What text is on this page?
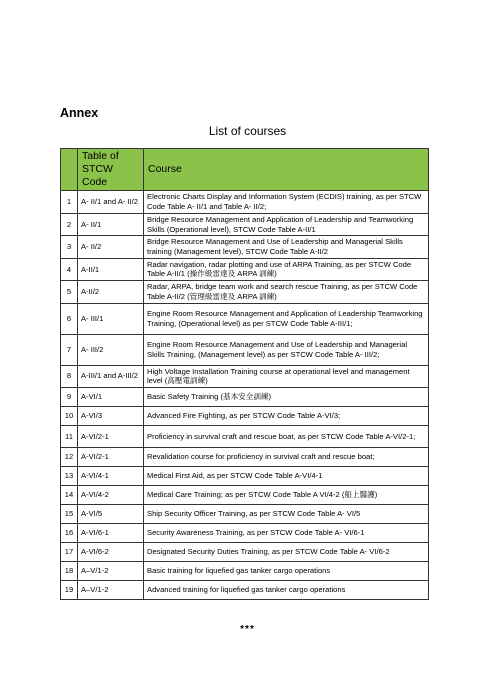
Annex
List of courses
	Table of STCW Code	Course
1	A- II/1 and A- II/2	Electronic Charts Display and Information System (ECDIS) training, as per STCW Code Table A- II/1 and Table A- II/2;
2	A- II/1	Bridge Resource Management and Application of Leadership and Teamworking Skills (Operational level), STCW Code Table A-II/1
3	A- II/2	Bridge Resource Management and Use of Leadership and Managerial Skills training (Management level), STCW Code Table A-II/2
4	A-II/1	Radar navigation, radar plotting and use of ARPA Training, as per STCW Code Table A-II/1 (操作級雷達及 ARPA 訓練)
5	A-II/2	Radar, ARPA, bridge team work and search rescue Training, as per STCW Code Table A-II/2 (管理級雷達及 ARPA 訓練)
6	A- III/1	Engine Room Resource Management and Application of Leadership Teamworking Training, (Operational level) as per STCW Code Table A-III/1;
7	A- III/2	Engine Room Resource Management and Use of Leadership and Managerial Skills Training, (Management level) as per STCW Code Table A- III/2;
8	A-III/1 and A-III/2	High Voltage Installation Training course at operational level and management level (高壓電訓練)
9	A-VI/1	Basic Safety Training (基本安全訓練)
10	A-VI/3	Advanced Fire Fighting, as per STCW Code Table A-VI/3;
11	A-VI/2-1	Proficiency in survival craft and rescue boat, as per STCW Code Table A-VI/2-1;
12	A-VI/2-1	Revalidation course for proficiency in survival craft and rescue boat;
13	A-VI/4-1	Medical First Aid, as per STCW Code Table A-VI/4-1
14	A-VI/4-2	Medical Care Training; as per STCW Code Table A VI/4-2 (船上醫護)
15	A-VI/5	Ship Security Officer Training, as per STCW Code Table A- VI/5
16	A-VI/6-1	Security Awareness Training, as per STCW Code Table A- VI/6-1
17	A-VI/6-2	Designated Security Duties Training, as per STCW Code Table A- VI/6-2
18	A–V/1-2	Basic training for liquefied gas tanker cargo operations
19	A–V/1-2	Advanced training for liquefied gas tanker cargo operations
***
